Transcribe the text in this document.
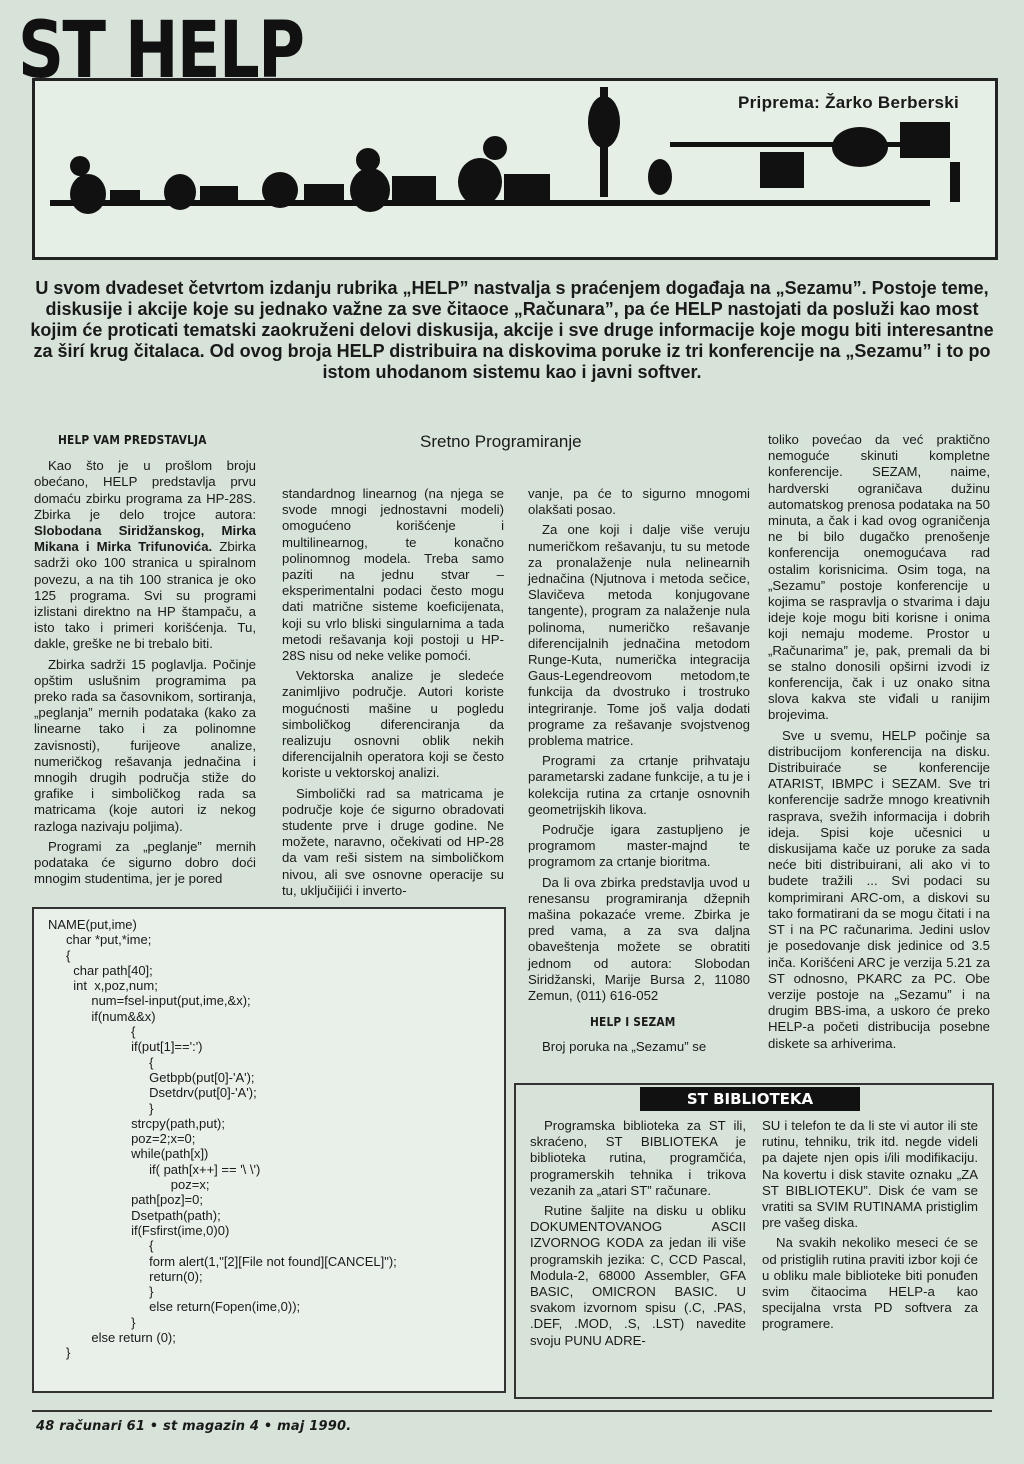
ST HELP
Priprema: Žarko Berberski
U svom dvadeset četvrtom izdanju rubrika „HELP” nastvalja s praćenjem događaja na „Sezamu”. Postoje teme, diskusije i akcije koje su jednako važne za sve čitaoce „Računara”, pa će HELP nastojati da posluži kao most kojim će proticati tematski zaokruženi delovi diskusija, akcije i sve druge informacije koje mogu biti interesantne za širí krug čitalaca. Od ovog broja HELP distribuira na diskovima poruke iz tri konferencije na „Sezamu” i to po istom uhodanom sistemu kao i javni softver.
HELP VAM PREDSTAVLJA

Kao što je u prošlom broju obećano, HELP predstavlja prvu domaću zbirku programa za HP-28S. Zbirka je delo trojce autora: Slobodana Siridžanskog, Mirka Mikana i Mirka Trifunovića. Zbirka sadrži oko 100 stranica u spiralnom povezu, a na tih 100 stranica je oko 125 programa. Svi su programi izlistani direktno na HP štampaču, a isto tako i primeri korišćenja. Tu, dakle, greške ne bi trebalo biti.

Zbirka sadrži 15 poglavlja. Počinje opštim uslušnim programima pa preko rada sa časovnikom, sortiranja, „peglanja” mernih podataka (kako za linearne tako i za polinomne zavisnosti), furijeove analize, numeričkog rešavanja jednačina i mnogih drugih područja stiže do grafike i simboličkog rada sa matricama (koje autori iz nekog razloga nazivaju poljima).

Programi za „peglanje” mernih podataka će sigurno dobro doći mnogim studentima, jer je pored

Sretno Programiranje

standardnog linearnog (na njega se svode mnogi jednostavni modeli) omogućeno korišćenje i multilinearnog, te konačno polinomnog modela. Treba samo paziti na jednu stvar – eksperimentalni podaci često mogu dati matrične sisteme koeficijenata, koji su vrlo bliski singularnima a tada metodi rešavanja koji postoji u HP-28S nisu od neke velike pomoći.

Vektorska analize je sledeće zanimljivo područje. Autori koriste mogućnosti mašine u pogledu simboličkog diferenciranja da realizuju osnovni oblik nekih diferencijalnih operatora koji se često koriste u vektorskoj analizi.

Simbolički rad sa matricama je područje koje će sigurno obradovati studente prve i druge godine. Ne možete, naravno, očekivati od HP-28 da vam reši sistem na simboličkom nivou, ali sve osnovne operacije su tu, uključijići i inverto-

vanje, pa će to sigurno mnogomi olakšati posao.

Za one koji i dalje više veruju numeričkom rešavanju, tu su metode za pronalaženje nula nelinearnih jednačina (Njutnova i metoda sečice, Slavičeva metoda konjugovane tangente), program za nalaženje nula polinoma, numeričko rešavanje diferencijalnih jednačina metodom Runge-Kuta, numerička integracija Gaus-Legendreovom metodom,te funkcija da dvostruko i trostruko integriranje. Tome još valja dodati programe za rešavanje svojstvenog problema matrice.

Programi za crtanje prihvataju parametarski zadane funkcije, a tu je i kolekcija rutina za crtanje osnovnih geometrijskih likova.

Područje igara zastupljeno je programom master-majnd te programom za crtanje bioritma.

Da li ova zbirka predstavlja uvod u renesansu programiranja džepnih mašina pokazaće vreme. Zbirka je pred vama, a za sva daljna obaveštenja možete se obratiti jednom od autora: Slobodan Siridžanski, Marije Bursa 2, 11080 Zemun, (011) 616-052

HELP I SEZAM

Broj poruka na „Sezamu” se

toliko povećao da već praktično nemoguće skinuti kompletne konferencije. SEZAM, naime, hardverski ograničava dužinu automatskog prenosa podataka na 50 minuta, a čak i kad ovog ograničenja ne bi bilo dugačko prenošenje konferencija onemogućava rad ostalim korisnicima. Osim toga, na „Sezamu” postoje konferencije u kojima se raspravlja o stvarima i daju ideje koje mogu biti korisne i onima koji nemaju modeme. Prostor u „Računarima” je, pak, premali da bi se stalno donosili opširni izvodi iz konferencija, čak i uz onako sitna slova kakva ste viđali u ranijim brojevima.

Sve u svemu, HELP počinje sa distribucijom konferencija na disku. Distribuiraće se konferencije ATARIST, IBMPC i SEZAM. Sve tri konferencije sadrže mnogo kreativnih rasprava, svežih informacija i dobrih ideja. Spisi koje učesnici u diskusijama kače uz poruke za sada neće biti distribuirani, ali ako vi to budete tražili ... Svi podaci su komprimirani ARC-om, a diskovi su tako formatirani da se mogu čitati i na ST i na PC računarima. Jedini uslov je posedovanje disk jedinice od 3.5 inča. Korišćeni ARC je verzija 5.21 za ST odnosno, PKARC za PC. Obe verzije postoje na „Sezamu” i na drugim BBS-ima, a uskoro će preko HELP-a početi distribucija posebne diskete sa arhiverima.

NAME(put,ime)
char *put,*ime;
{
char path[40];
int  x,poz,num;
num=fsel-input(put,ime,&x);
if(num&&x)
{
if(put[1]==':')
{
Getbpb(put[0]-'A');
Dsetdrv(put[0]-'A');
}
strcpy(path,put);
poz=2;x=0;
while(path[x])
if( path[x++] == '\ \')
poz=x;
path[poz]=0;
Dsetpath(path);
if(Fsfirst(ime,0)0)
{
form alert(1,"[2][File not found][CANCEL]");
return(0);
}
else return(Fopen(ime,0));
}
else return (0);
}
ST BIBLIOTEKA

Programska biblioteka za ST ili, skraćeno, ST BIBLIOTEKA je biblioteka rutina, programčića, programerskih tehnika i trikova vezanih za „atari ST” računare.

Rutine šaljite na disku u obliku DOKUMENTOVANOG ASCII IZVORNOG KODA za jedan ili više programskih jezika: C, CCD Pascal, Modula-2, 68000 Assembler, GFA BASIC, OMICRON BASIC. U svakom izvornom spisu (.C, .PAS, .DEF, .MOD, .S, .LST) navedite svoju PUNU ADRE-

SU i telefon te da li ste vi autor ili ste rutinu, tehniku, trik itd. negde videli pa dajete njen opis i/ili modifikaciju. Na kovertu i disk stavite oznaku „ZA ST BIBLIOTEKU”. Disk će vam se vratiti sa SVIM RUTINAMA pristiglim pre vašeg diska.

Na svakih nekoliko meseci će se od pristiglih rutina praviti izbor koji će u obliku male biblioteke biti ponuđen svim čitaocima HELP-a kao specijalna vrsta PD softvera za programere.

48 računari 61 • st magazin 4 • maj 1990.
